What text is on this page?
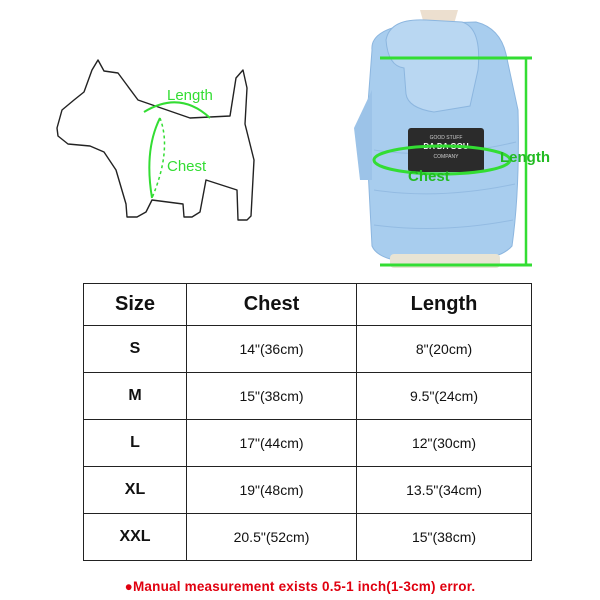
Length
Chest
GOOD STUFF
DA DA GOU
COMPANY
Chest
Length
Size	Chest	Length
S	14"(36cm)	8"(20cm)
M	15"(38cm)	9.5"(24cm)
L	17"(44cm)	12"(30cm)
XL	19"(48cm)	13.5"(34cm)
XXL	20.5"(52cm)	15"(38cm)
●Manual measurement exists 0.5-1 inch(1-3cm) error.
